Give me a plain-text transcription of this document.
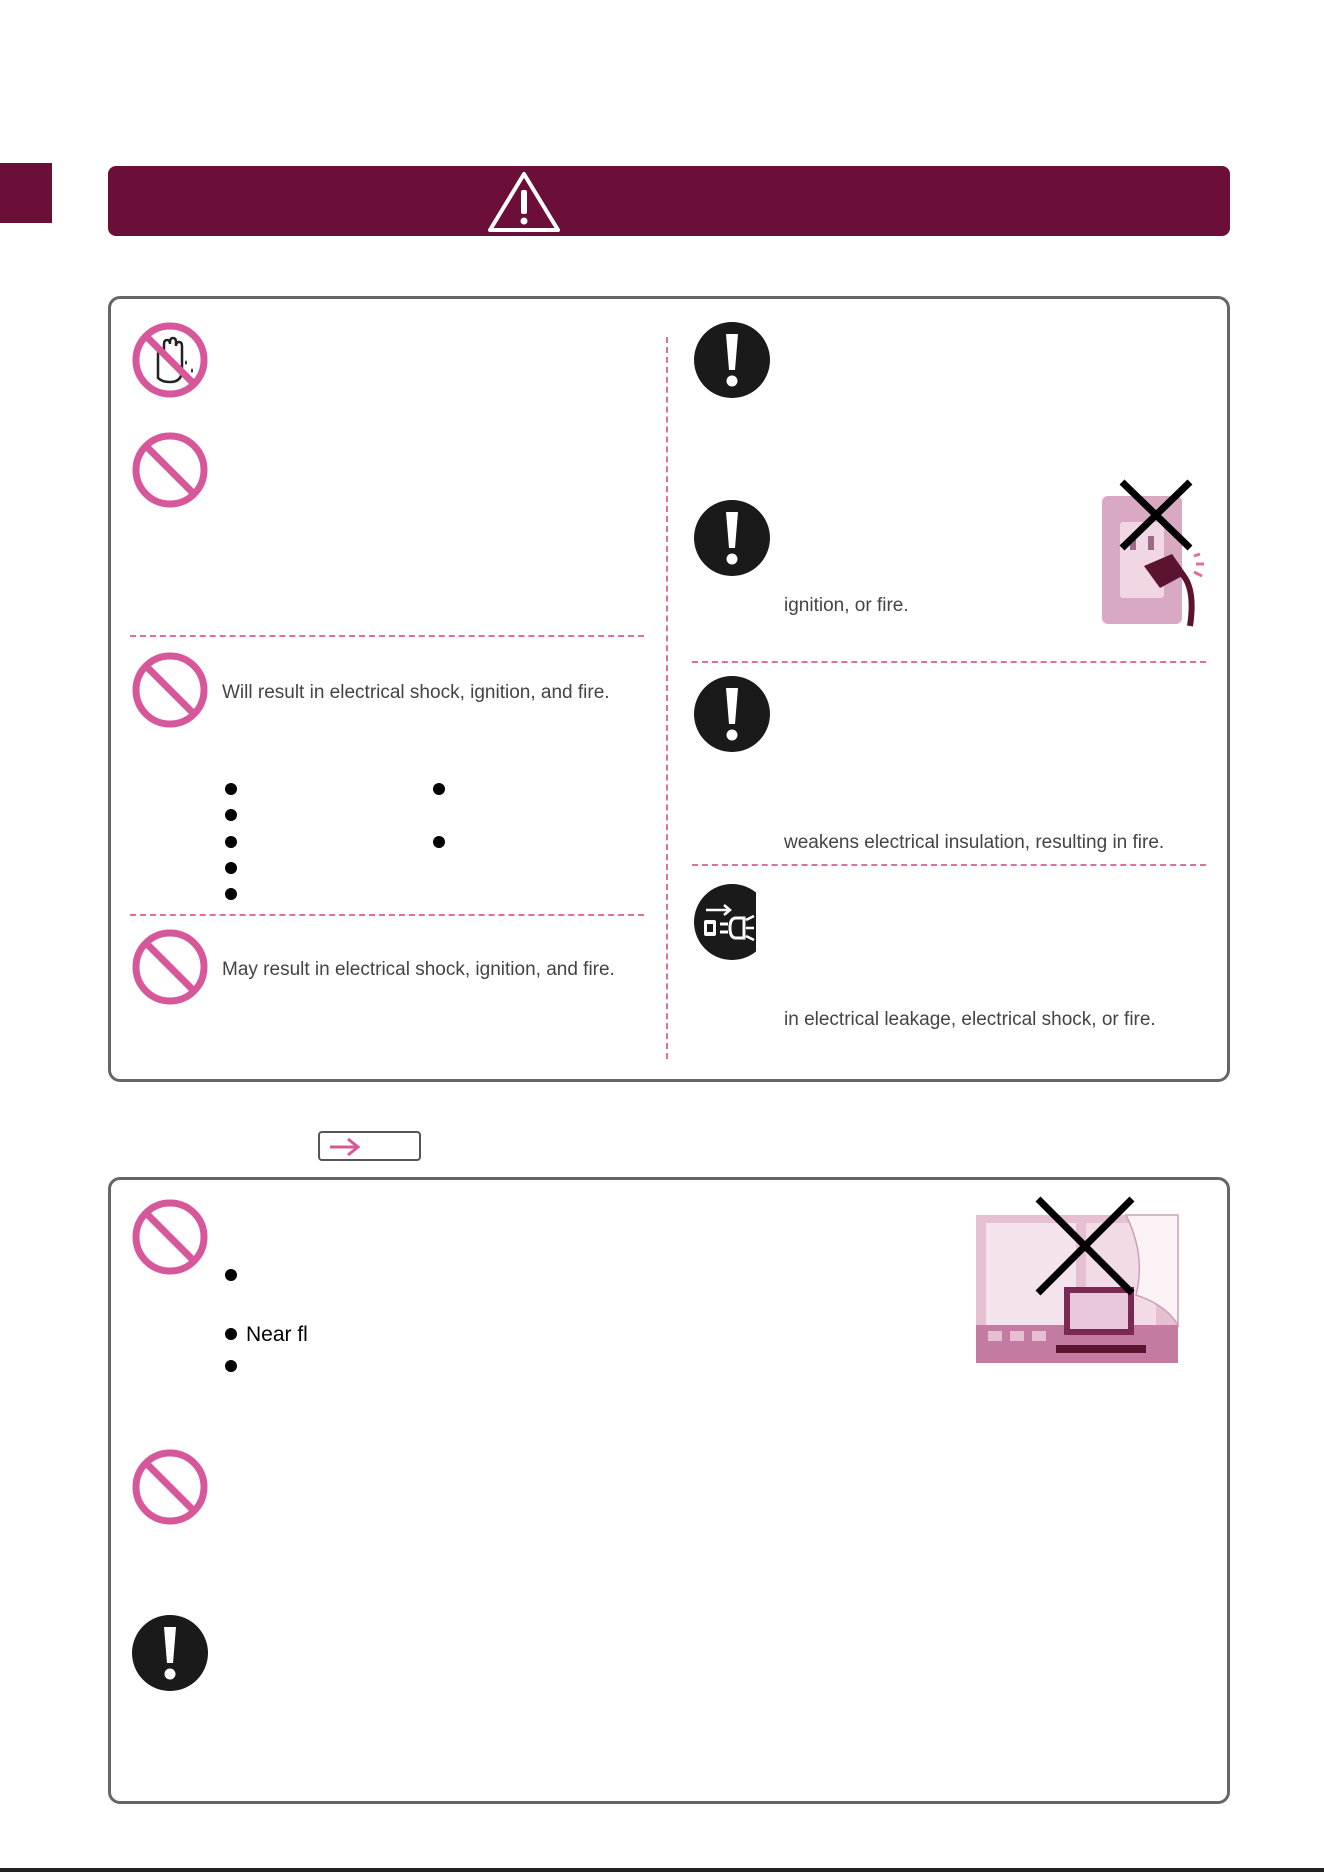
Will result in electrical shock, ignition, and fire.
May result in electrical shock, ignition, and fire.
ignition, or fire.
weakens electrical insulation, resulting in fire.
in electrical leakage, electrical shock, or fire.
Near fl
